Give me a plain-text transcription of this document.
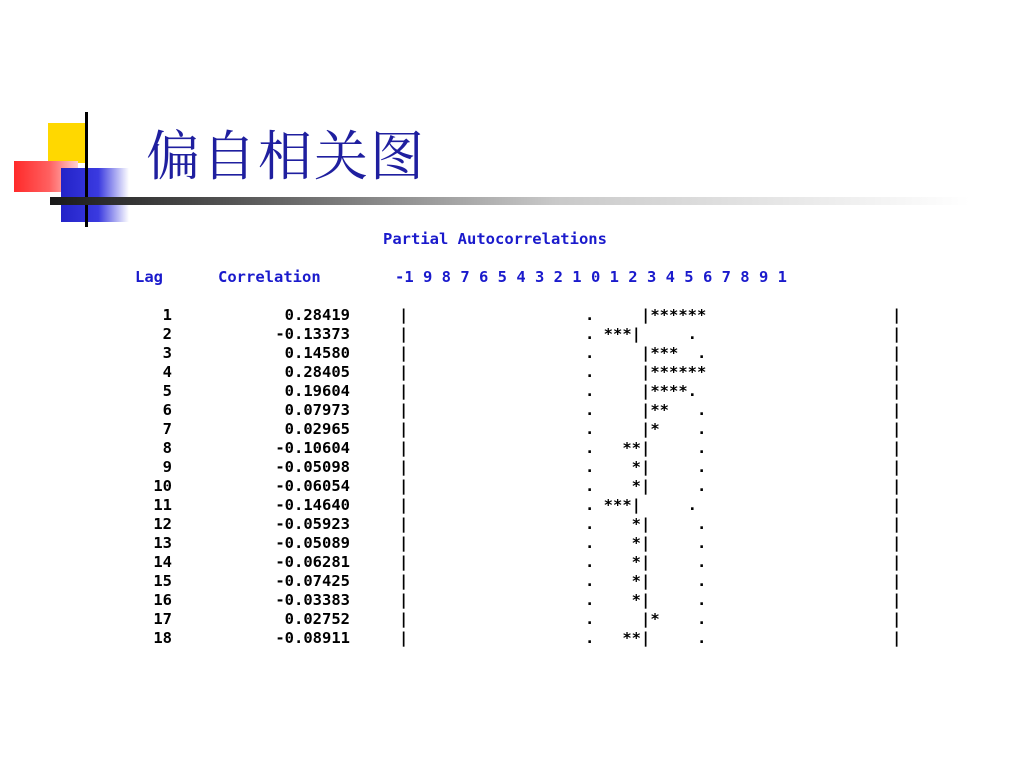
偏自相关图
Partial Autocorrelations
Lag	Correlation	-1 9 8 7 6 5 4 3 2 1 0 1 2 3 4 5 6 7 8 9 1
1	0.28419	|	.     |******	|
2	-0.13373	|	. ***|     .	|
3	0.14580	|	.     |***  .	|
4	0.28405	|	.     |******	|
5	0.19604	|	.     |****.	|
6	0.07973	|	.     |**   .	|
7	0.02965	|	.     |*    .	|
8	-0.10604	|	.   **|     .	|
9	-0.05098	|	.    *|     .	|
10	-0.06054	|	.    *|     .	|
11	-0.14640	|	. ***|     .	|
12	-0.05923	|	.    *|     .	|
13	-0.05089	|	.    *|     .	|
14	-0.06281	|	.    *|     .	|
15	-0.07425	|	.    *|     .	|
16	-0.03383	|	.    *|     .	|
17	0.02752	|	.     |*    .	|
18	-0.08911	|	.   **|     .	|
